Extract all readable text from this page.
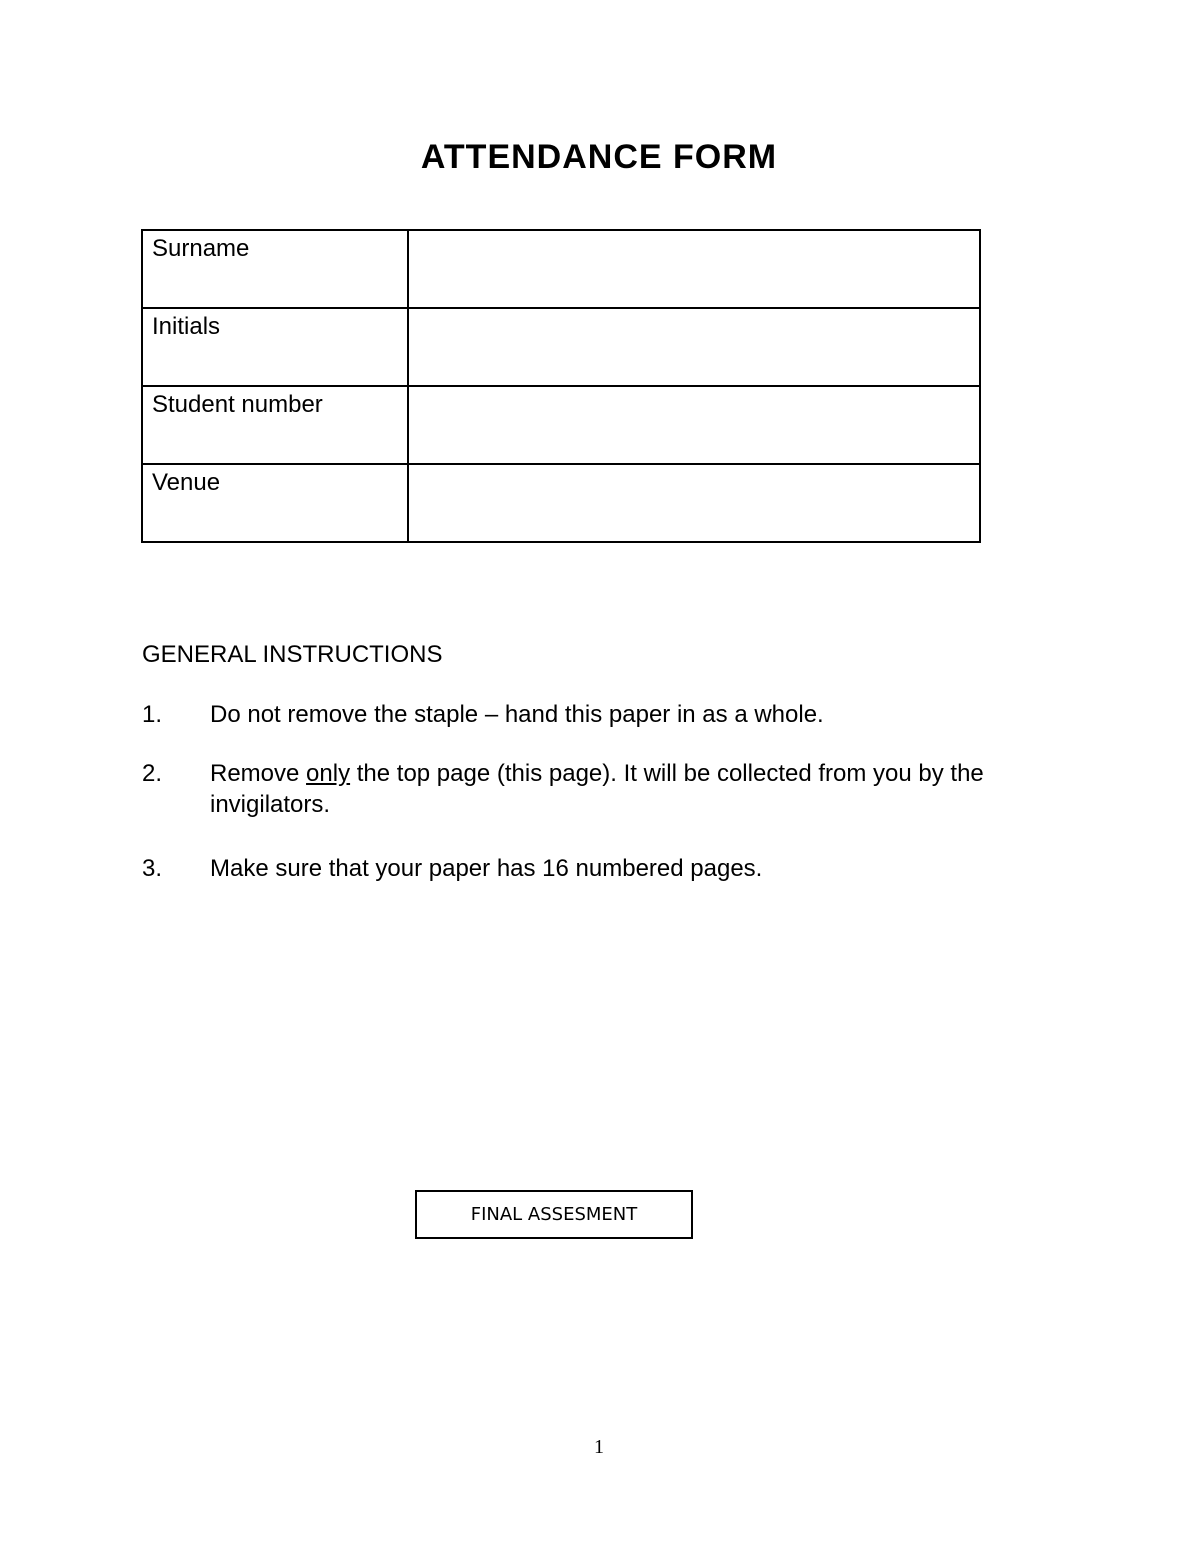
ATTENDANCE FORM
Surname	
Initials	
Student number	
Venue	
GENERAL INSTRUCTIONS
1. Do not remove the staple – hand this paper in as a whole.
2. Remove only the top page (this page). It will be collected from you by the invigilators.
3. Make sure that your paper has 16 numbered pages.
FINAL ASSESMENT
1
